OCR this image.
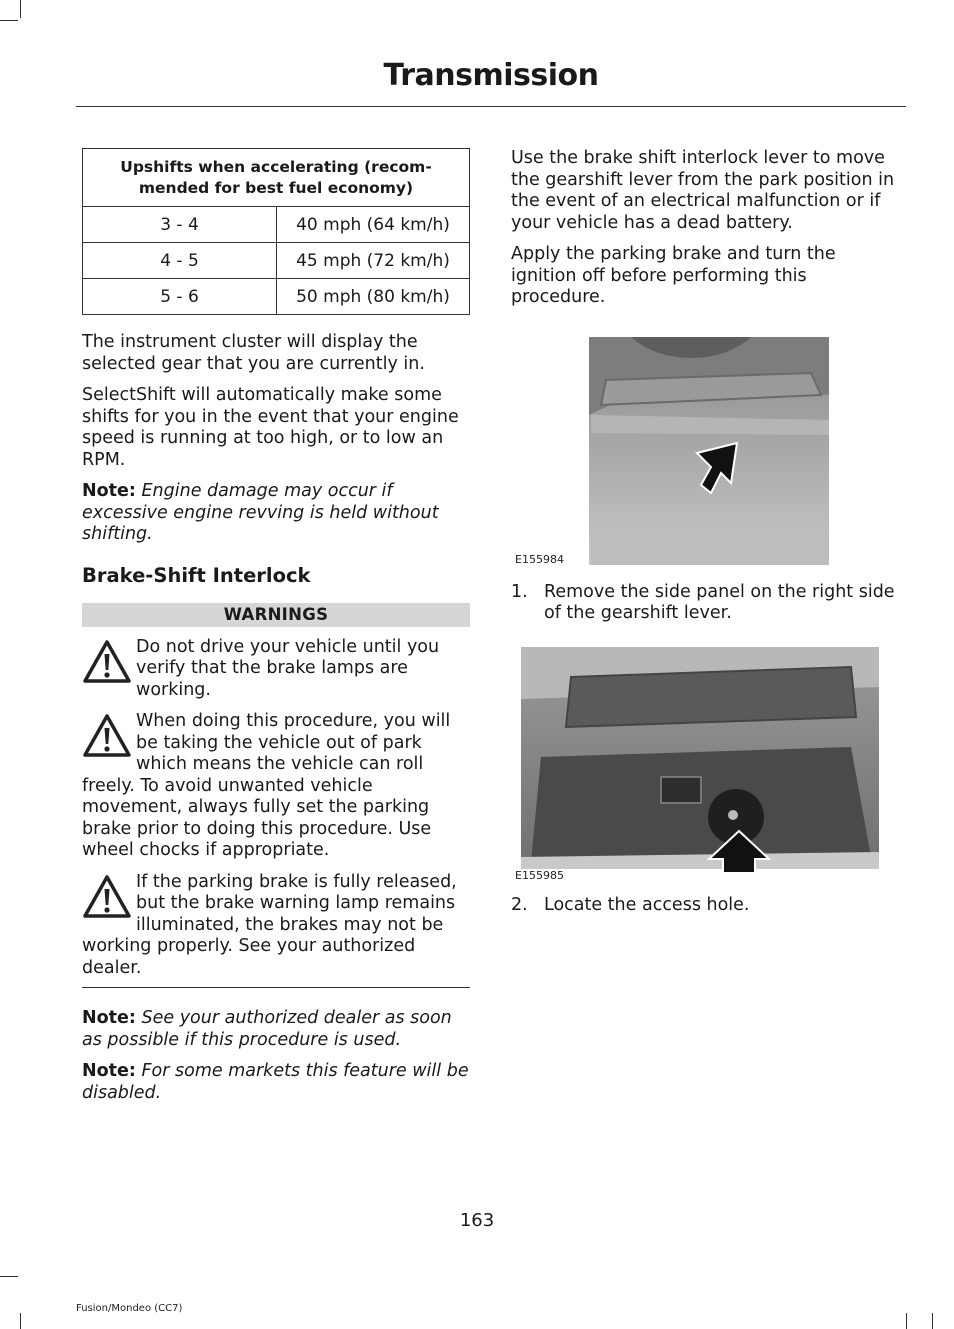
Transmission
Upshifts when accelerating (recom- mended for best fuel economy)	
3 - 4	40 mph (64 km/h)
4 - 5	45 mph (72 km/h)
5 - 6	50 mph (80 km/h)

The instrument cluster will display the selected gear that you are currently in.

SelectShift will automatically make some shifts for you in the event that your engine speed is running at too high, or to low an RPM.

Note: Engine damage may occur if excessive engine revving is held without shifting.

Brake-Shift Interlock
WARNINGS

Do not drive your vehicle until you verify that the brake lamps are working.

When doing this procedure, you will be taking the vehicle out of park which means the vehicle can roll freely. To avoid unwanted vehicle movement, always fully set the parking brake prior to doing this procedure. Use wheel chocks if appropriate.

If the parking brake is fully released, but the brake warning lamp remains illuminated, the brakes may not be working properly. See your authorized dealer.

Note: See your authorized dealer as soon as possible if this procedure is used.

Note: For some markets this feature will be disabled.

Use the brake shift interlock lever to move the gearshift lever from the park position in the event of an electrical malfunction or if your vehicle has a dead battery.

Apply the parking brake and turn the ignition off before performing this procedure.

E155984
1. Remove the side panel on the right side of the gearshift lever.
E155985
2. Locate the access hole.
163
Fusion/Mondeo (CC7)
